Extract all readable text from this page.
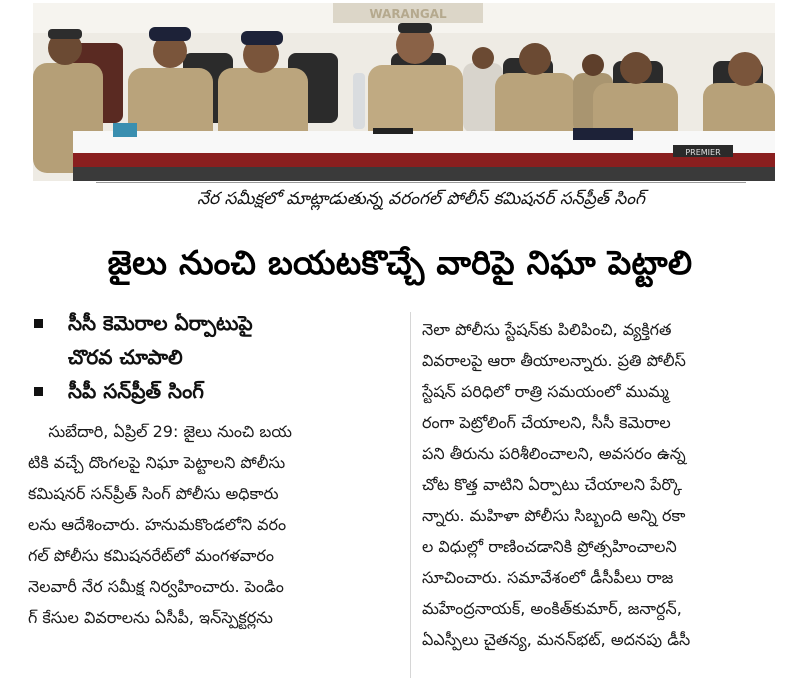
WARANGAL
PREMIER
నేర సమీక్షలో మాట్లాడుతున్న వరంగల్‌ పోలీస్‌ కమిషనర్‌ సన్‌ప్రీత్‌ సింగ్‌
జైలు నుంచి బయటకొచ్చే వారిపై నిఘా పెట్టాలి
సీసీ కెమెరాల ఏర్పాటుపై
చొరవ చూపాలి
సీపీ సన్‌ప్రీత్‌ సింగ్‌
సుబేదారి, ఏప్రిల్‌ 29: జైలు నుంచి బయ
టికి వచ్చే దొంగలపై నిఘా పెట్టాలని పోలీసు
కమిషనర్‌ సన్‌ప్రీత్‌ సింగ్‌ పోలీసు అధికారు
లను ఆదేశించారు. హనుమకొండలోని వరం
గల్‌ పోలీసు కమిషనరేట్‌లో మంగళవారం
నెలవారీ నేర సమీక్ష నిర్వహించారు. పెండిం
గ్‌ కేసుల వివరాలను ఏసీపీ, ఇన్‌స్పెక్టర్లను
నెలా పోలీసు స్టేషన్‌కు పిలిపించి, వ్యక్తిగత
వివరాలపై ఆరా తీయాలన్నారు. ప్రతి పోలీస్‌
స్టేషన్‌ పరిధిలో రాత్రి సమయంలో ముమ్మ
రంగా పెట్రోలింగ్‌ చేయాలని, సీసీ కెమెరాల
పని తీరును పరిశీలించాలని, అవసరం ఉన్న
చోట కొత్త వాటిని ఏర్పాటు చేయాలని పేర్కొ
న్నారు. మహిళా పోలీసు సిబ్బంది అన్ని రకా
ల విధుల్లో రాణించడానికి ప్రోత్సహించాలని
సూచించారు. సమావేశంలో డీసీపీలు రాజ
మహేంద్రనాయక్‌, అంకిత్‌కుమార్‌, జనార్దన్‌,
ఏఎస్పీలు చైతన్య, మనన్‌భట్‌, అదనపు డీసీ
